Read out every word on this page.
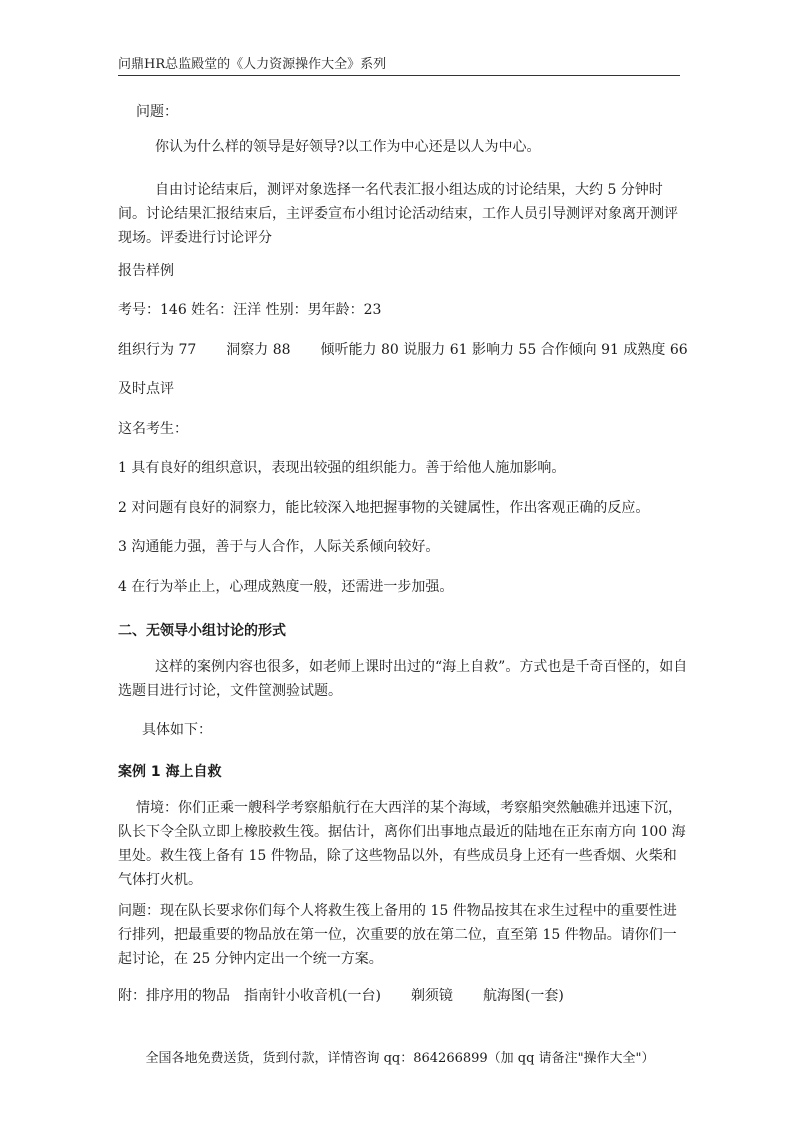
问鼎HR总监殿堂的《人力资源操作大全》系列
问题：
你认为什么样的领导是好领导?以工作为中心还是以人为中心。
自由讨论结束后，测评对象选择一名代表汇报小组达成的讨论结果，大约 5 分钟时间。讨论结果汇报结束后，主评委宣布小组讨论活动结束，工作人员引导测评对象离开测评现场。评委进行讨论评分
报告样例
考号：146 姓名：汪洋 性别：男年龄：23
组织行为 77 洞察力 88 倾听能力 80 说服力 61 影响力 55 合作倾向 91 成熟度 66
及时点评
这名考生：
1 具有良好的组织意识，表现出较强的组织能力。善于给他人施加影响。
2 对问题有良好的洞察力，能比较深入地把握事物的关键属性，作出客观正确的反应。
3 沟通能力强，善于与人合作，人际关系倾向较好。
4 在行为举止上，心理成熟度一般，还需进一步加强。
二、无领导小组讨论的形式
这样的案例内容也很多，如老师上课时出过的“海上自救”。方式也是千奇百怪的，如自选题目进行讨论，文件筐测验试题。
具体如下：
案例 1 海上自救
情境：你们正乘一艘科学考察船航行在大西洋的某个海域，考察船突然触礁并迅速下沉，队长下令全队立即上橡胶救生筏。据估计，离你们出事地点最近的陆地在正东南方向 100 海里处。救生筏上备有 15 件物品，除了这些物品以外，有些成员身上还有一些香烟、火柴和气体打火机。
问题：现在队长要求你们每个人将救生筏上备用的 15 件物品按其在求生过程中的重要性进行排列，把最重要的物品放在第一位，次重要的放在第二位，直至第 15 件物品。请你们一起讨论，在 25 分钟内定出一个统一方案。
附：排序用的物品 指南针小收音机(一台) 剃须镜 航海图(一套)
全国各地免费送货，货到付款，详情咨询 qq：864266899（加 qq 请备注"操作大全"）
